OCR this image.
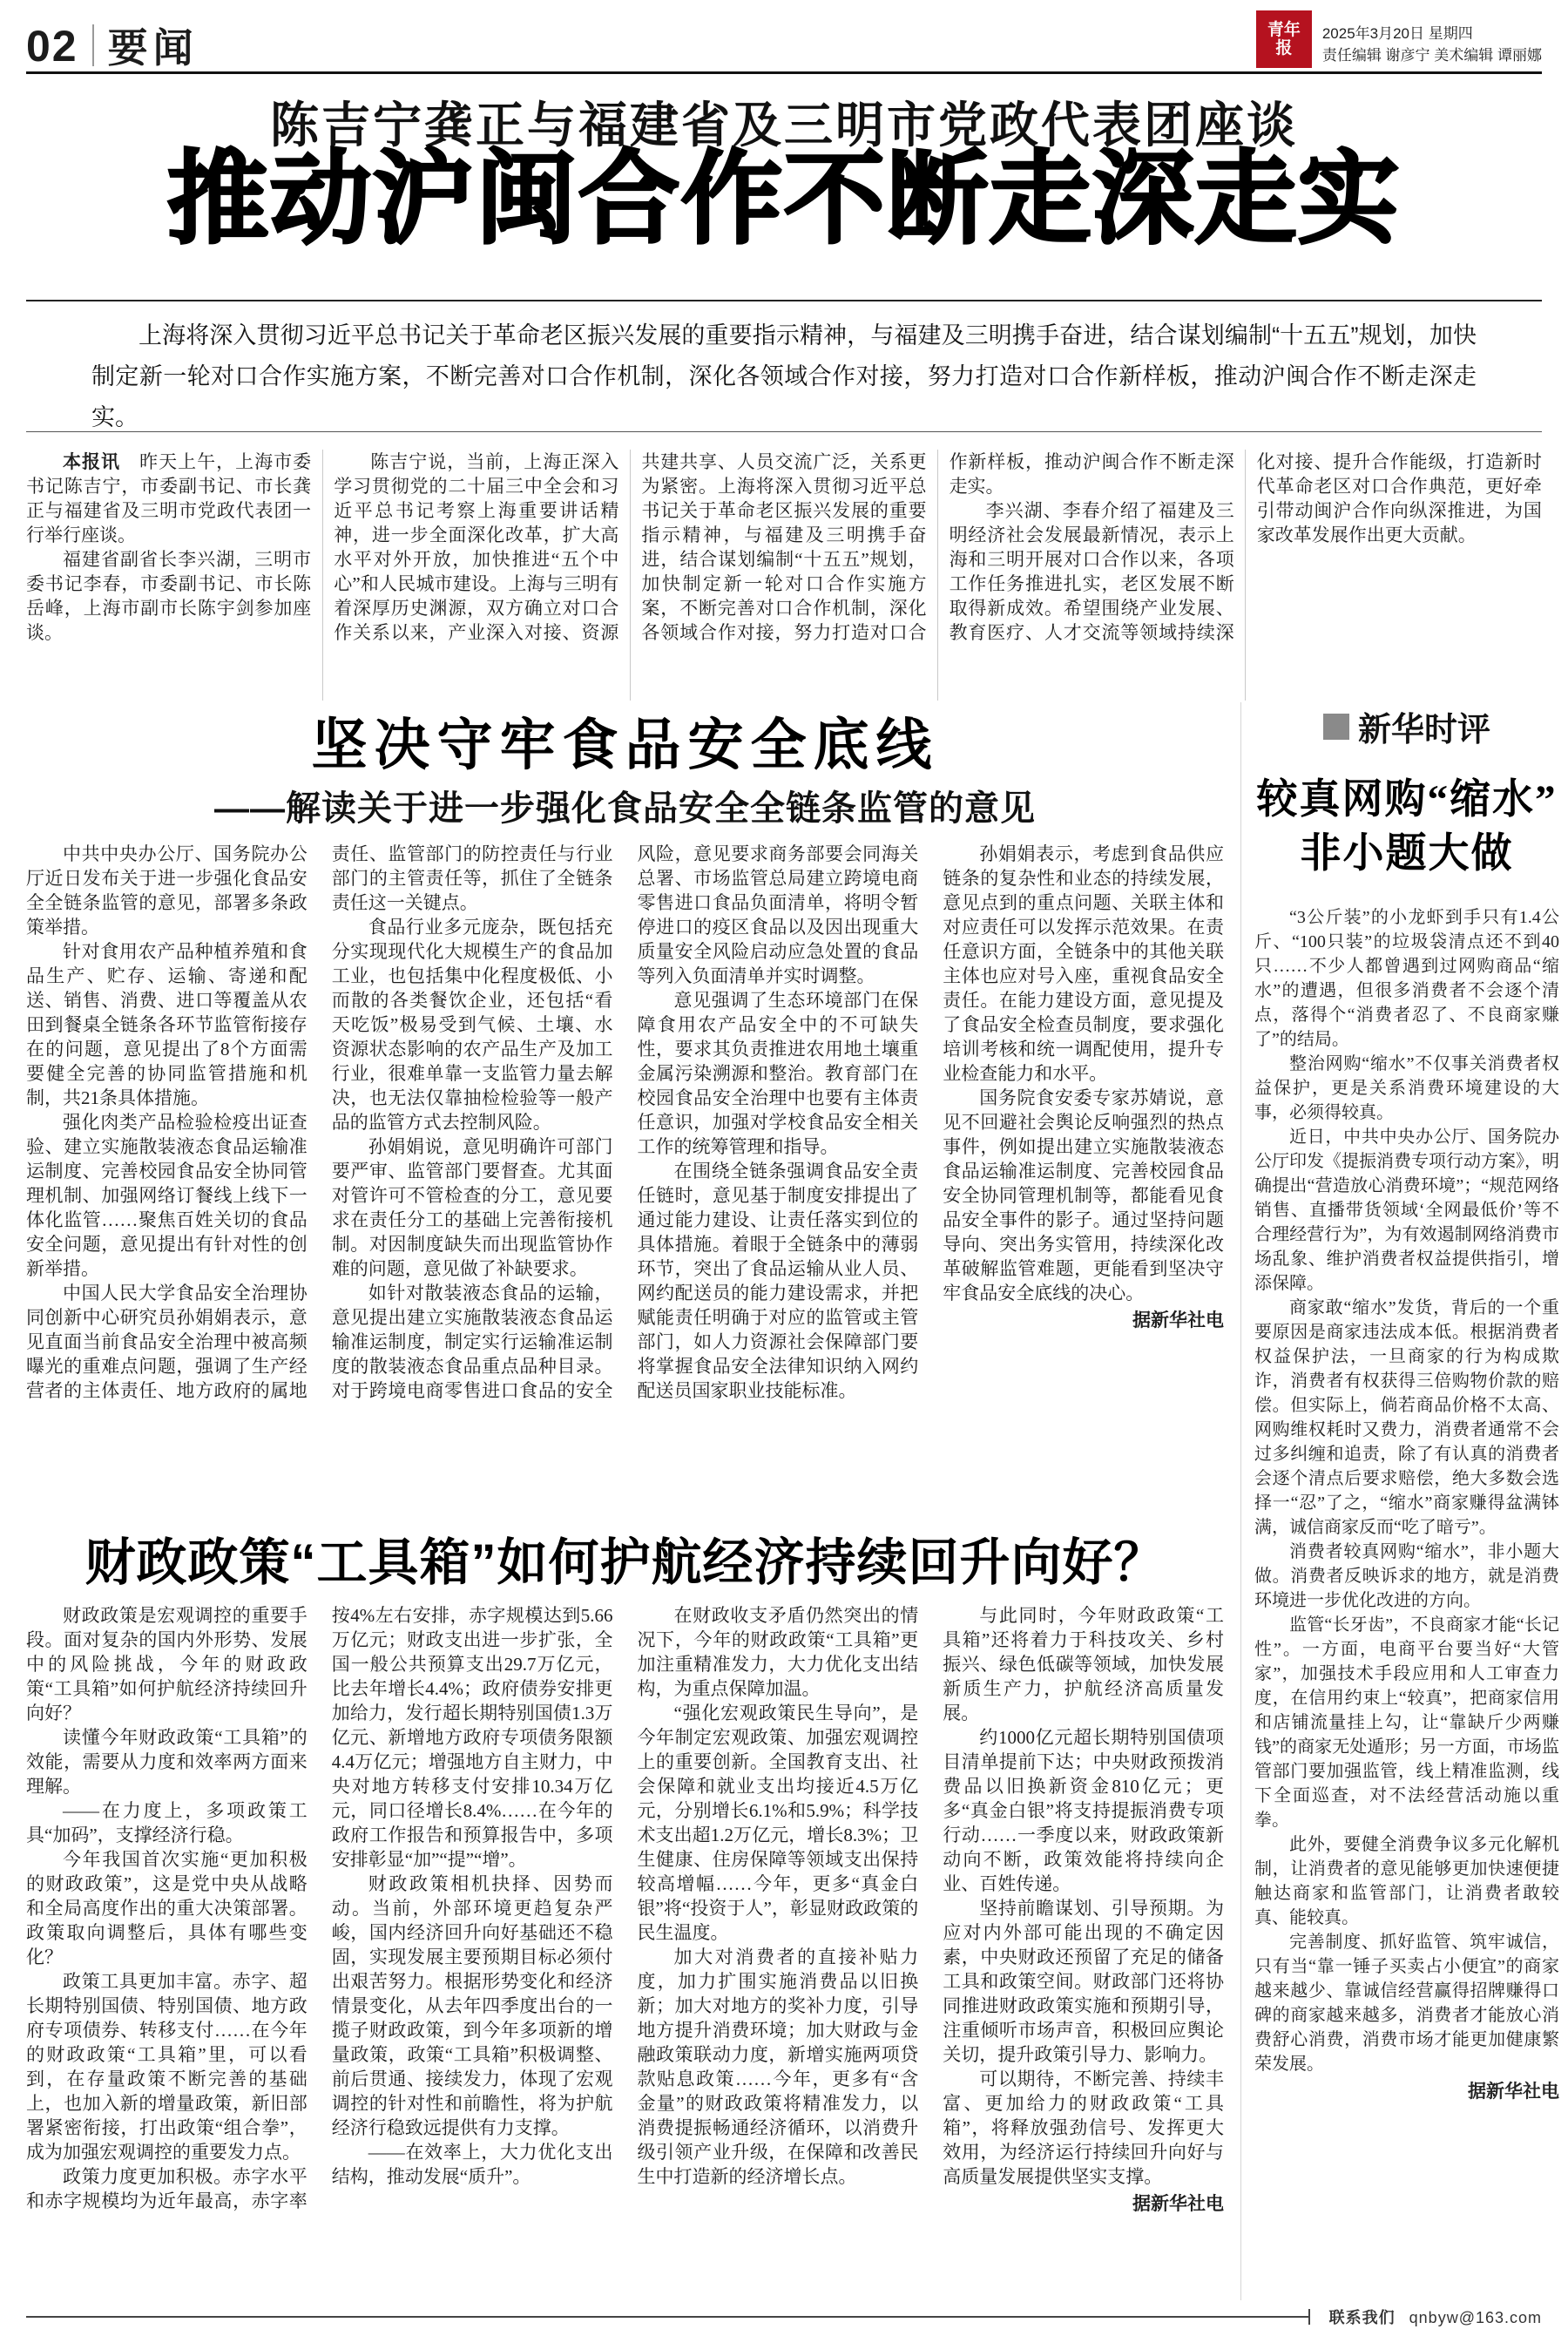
02 要闻	青年报
2025年3月20日 星期四
责任编辑 谢彦宁 美术编辑 谭丽娜
陈吉宁龚正与福建省及三明市党政代表团座谈
推动沪闽合作不断走深走实
上海将深入贯彻习近平总书记关于革命老区振兴发展的重要指示精神，与福建及三明携手奋进，结合谋划编制“十五五”规划，加快制定新一轮对口合作实施方案，不断完善对口合作机制，深化各领域合作对接，努力打造对口合作新样板，推动沪闽合作不断走深走实。

本报讯　昨天上午，上海市委书记陈吉宁，市委副书记、市长龚正与福建省及三明市党政代表团一行举行座谈。

福建省副省长李兴湖，三明市委书记李春，市委副书记、市长陈岳峰，上海市副市长陈宇剑参加座谈。

陈吉宁说，当前，上海正深入学习贯彻党的二十届三中全会和习近平总书记考察上海重要讲话精神，进一步全面深化改革，扩大高水平对外开放，加快推进“五个中心”和人民城市建设。上海与三明有着深厚历史渊源，双方确立对口合作关系以来，产业深入对接、资源共建共享、人员交流广泛，关系更为紧密。上海将深入贯彻习近平总书记关于革命老区振兴发展的重要指示精神，与福建及三明携手奋进，结合谋划编制“十五五”规划，加快制定新一轮对口合作实施方案，不断完善对口合作机制，深化各领域合作对接，努力打造对口合作新样板，推动沪闽合作不断走深走实。

李兴湖、李春介绍了福建及三明经济社会发展最新情况，表示上海和三明开展对口合作以来，各项工作任务推进扎实，老区发展不断取得新成效。希望围绕产业发展、教育医疗、人才交流等领域持续深化对接、提升合作能级，打造新时代革命老区对口合作典范，更好牵引带动闽沪合作向纵深推进，为国家改革发展作出更大贡献。

坚决守牢食品安全底线
——解读关于进一步强化食品安全全链条监管的意见

中共中央办公厅、国务院办公厅近日发布关于进一步强化食品安全全链条监管的意见，部署多条政策举措。

针对食用农产品种植养殖和食品生产、贮存、运输、寄递和配送、销售、消费、进口等覆盖从农田到餐桌全链条各环节监管衔接存在的问题，意见提出了8个方面需要健全完善的协同监管措施和机制，共21条具体措施。

强化肉类产品检验检疫出证查验、建立实施散装液态食品运输准运制度、完善校园食品安全协同管理机制、加强网络订餐线上线下一体化监管……聚焦百姓关切的食品安全问题，意见提出有针对性的创新举措。

中国人民大学食品安全治理协同创新中心研究员孙娟娟表示，意见直面当前食品安全治理中被高频曝光的重难点问题，强调了生产经营者的主体责任、地方政府的属地责任、监管部门的防控责任与行业部门的主管责任等，抓住了全链条责任这一关键点。

食品行业多元庞杂，既包括充分实现现代化大规模生产的食品加工业，也包括集中化程度极低、小而散的各类餐饮企业，还包括“看天吃饭”极易受到气候、土壤、水资源状态影响的农产品生产及加工行业，很难单靠一支监管力量去解决，也无法仅靠抽检检验等一般产品的监管方式去控制风险。

孙娟娟说，意见明确许可部门要严审、监管部门要督查。尤其面对管许可不管检查的分工，意见要求在责任分工的基础上完善衔接机制。对因制度缺失而出现监管协作难的问题，意见做了补缺要求。

如针对散装液态食品的运输，意见提出建立实施散装液态食品运输准运制度，制定实行运输准运制度的散装液态食品重点品种目录。对于跨境电商零售进口食品的安全风险，意见要求商务部要会同海关总署、市场监管总局建立跨境电商零售进口食品负面清单，将明令暂停进口的疫区食品以及因出现重大质量安全风险启动应急处置的食品等列入负面清单并实时调整。

意见强调了生态环境部门在保障食用农产品安全中的不可缺失性，要求其负责推进农用地土壤重金属污染溯源和整治。教育部门在校园食品安全治理中也要有主体责任意识，加强对学校食品安全相关工作的统筹管理和指导。

在围绕全链条强调食品安全责任链时，意见基于制度安排提出了通过能力建设、让责任落实到位的具体措施。着眼于全链条中的薄弱环节，突出了食品运输从业人员、网约配送员的能力建设需求，并把赋能责任明确于对应的监管或主管部门，如人力资源社会保障部门要将掌握食品安全法律知识纳入网约配送员国家职业技能标准。

孙娟娟表示，考虑到食品供应链条的复杂性和业态的持续发展，意见点到的重点问题、关联主体和对应责任可以发挥示范效果。在责任意识方面，全链条中的其他关联主体也应对号入座，重视食品安全责任。在能力建设方面，意见提及了食品安全检查员制度，要求强化培训考核和统一调配使用，提升专业检查能力和水平。

国务院食安委专家苏婧说，意见不回避社会舆论反响强烈的热点事件，例如提出建立实施散装液态食品运输准运制度、完善校园食品安全协同管理机制等，都能看见食品安全事件的影子。通过坚持问题导向、突出务实管用，持续深化改革破解监管难题，更能看到坚决守牢食品安全底线的决心。

据新华社电

财政政策“工具箱”如何护航经济持续回升向好？

财政政策是宏观调控的重要手段。面对复杂的国内外形势、发展中的风险挑战，今年的财政政策“工具箱”如何护航经济持续回升向好？

读懂今年财政政策“工具箱”的效能，需要从力度和效率两方面来理解。

——在力度上，多项政策工具“加码”，支撑经济行稳。

今年我国首次实施“更加积极的财政政策”，这是党中央从战略和全局高度作出的重大决策部署。政策取向调整后，具体有哪些变化？

政策工具更加丰富。赤字、超长期特别国债、特别国债、地方政府专项债券、转移支付……在今年的财政政策“工具箱”里，可以看到，在存量政策不断完善的基础上，也加入新的增量政策，新旧部署紧密衔接，打出政策“组合拳”，成为加强宏观调控的重要发力点。

政策力度更加积极。赤字水平和赤字规模均为近年最高，赤字率按4%左右安排，赤字规模达到5.66万亿元；财政支出进一步扩张，全国一般公共预算支出29.7万亿元，比去年增长4.4%；政府债券安排更加给力，发行超长期特别国债1.3万亿元、新增地方政府专项债务限额4.4万亿元；增强地方自主财力，中央对地方转移支付安排10.34万亿元，同口径增长8.4%……在今年的政府工作报告和预算报告中，多项安排彰显“加”“提”“增”。

财政政策相机抉择、因势而动。当前，外部环境更趋复杂严峻，国内经济回升向好基础还不稳固，实现发展主要预期目标必须付出艰苦努力。根据形势变化和经济情景变化，从去年四季度出台的一揽子财政政策，到今年多项新的增量政策，政策“工具箱”积极调整、前后贯通、接续发力，体现了宏观调控的针对性和前瞻性，将为护航经济行稳致远提供有力支撑。

——在效率上，大力优化支出结构，推动发展“质升”。

在财政收支矛盾仍然突出的情况下，今年的财政政策“工具箱”更加注重精准发力，大力优化支出结构，为重点保障加温。

“强化宏观政策民生导向”，是今年制定宏观政策、加强宏观调控上的重要创新。全国教育支出、社会保障和就业支出均接近4.5万亿元，分别增长6.1%和5.9%；科学技术支出超1.2万亿元，增长8.3%；卫生健康、住房保障等领域支出保持较高增幅……今年，更多“真金白银”将“投资于人”，彰显财政政策的民生温度。

加大对消费者的直接补贴力度，加力扩围实施消费品以旧换新；加大对地方的奖补力度，引导地方提升消费环境；加大财政与金融政策联动力度，新增实施两项贷款贴息政策……今年，更多有“含金量”的财政政策将精准发力，以消费提振畅通经济循环，以消费升级引领产业升级，在保障和改善民生中打造新的经济增长点。

与此同时，今年财政政策“工具箱”还将着力于科技攻关、乡村振兴、绿色低碳等领域，加快发展新质生产力，护航经济高质量发展。

约1000亿元超长期特别国债项目清单提前下达；中央财政预拨消费品以旧换新资金810亿元；更多“真金白银”将支持提振消费专项行动……一季度以来，财政政策新动向不断，政策效能将持续向企业、百姓传递。

坚持前瞻谋划、引导预期。为应对内外部可能出现的不确定因素，中央财政还预留了充足的储备工具和政策空间。财政部门还将协同推进财政政策实施和预期引导，注重倾听市场声音，积极回应舆论关切，提升政策引导力、影响力。

可以期待，不断完善、持续丰富、更加给力的财政政策“工具箱”，将释放强劲信号、发挥更大效用，为经济运行持续回升向好与高质量发展提供坚实支撑。

据新华社电

新华时评
较真网购“缩水”
非小题大做

“3公斤装”的小龙虾到手只有1.4公斤、“100只装”的垃圾袋清点还不到40只……不少人都曾遇到过网购商品“缩水”的遭遇，但很多消费者不会逐个清点，落得个“消费者忍了、不良商家赚了”的结局。

整治网购“缩水”不仅事关消费者权益保护，更是关系消费环境建设的大事，必须得较真。

近日，中共中央办公厅、国务院办公厅印发《提振消费专项行动方案》，明确提出“营造放心消费环境”；“规范网络销售、直播带货领域‘全网最低价’等不合理经营行为”，为有效遏制网络消费市场乱象、维护消费者权益提供指引，增添保障。

商家敢“缩水”发货，背后的一个重要原因是商家违法成本低。根据消费者权益保护法，一旦商家的行为构成欺诈，消费者有权获得三倍购物价款的赔偿。但实际上，倘若商品价格不太高、网购维权耗时又费力，消费者通常不会过多纠缠和追责，除了有认真的消费者会逐个清点后要求赔偿，绝大多数会选择一“忍”了之，“缩水”商家赚得盆满钵满，诚信商家反而“吃了暗亏”。

消费者较真网购“缩水”，非小题大做。消费者反映诉求的地方，就是消费环境进一步优化改进的方向。

监管“长牙齿”，不良商家才能“长记性”。一方面，电商平台要当好“大管家”，加强技术手段应用和人工审查力度，在信用约束上“较真”，把商家信用和店铺流量挂上勾，让“靠缺斤少两赚钱”的商家无处遁形；另一方面，市场监管部门要加强监管，线上精准监测，线下全面巡查，对不法经营活动施以重拳。

此外，要健全消费争议多元化解机制，让消费者的意见能够更加快速便捷触达商家和监管部门，让消费者敢较真、能较真。

完善制度、抓好监管、筑牢诚信，只有当“靠一锤子买卖占小便宜”的商家越来越少、靠诚信经营赢得招牌赚得口碑的商家越来越多，消费者才能放心消费舒心消费，消费市场才能更加健康繁荣发展。

据新华社电

联系我们 qnbyw@163.com
